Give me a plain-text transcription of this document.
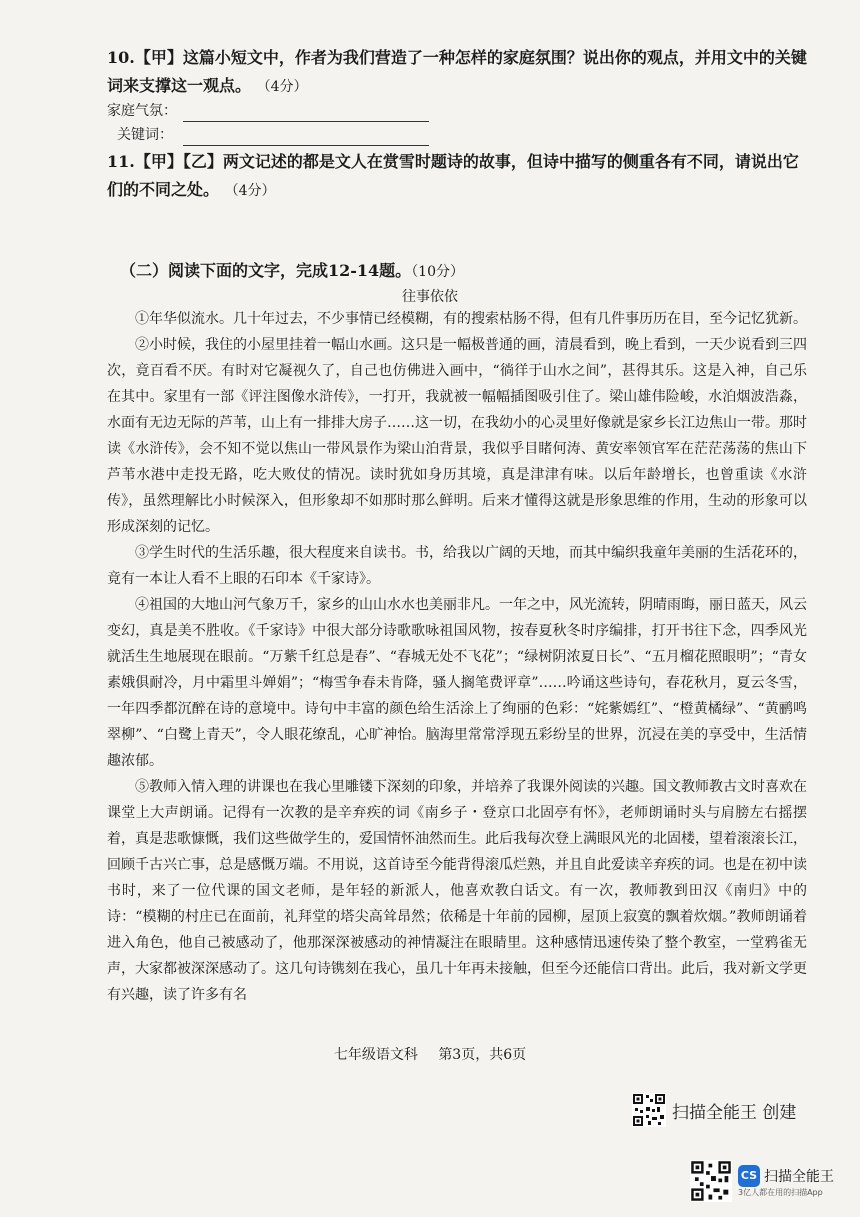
10.【甲】这篇小短文中，作者为我们营造了一种怎样的家庭氛围？说出你的观点，并用文中的关键词来支撑这一观点。 （4分）
家庭气氛：
关键词：
11.【甲】【乙】两文记述的都是文人在赏雪时题诗的故事，但诗中描写的侧重各有不同，请说出它们的不同之处。 （4分）
（二）阅读下面的文字，完成12-14题。（10分）
往事依依

①年华似流水。几十年过去，不少事情已经模糊，有的搜索枯肠不得，但有几件事历历在目，至今记忆犹新。

②小时候，我住的小屋里挂着一幅山水画。这只是一幅极普通的画，清晨看到，晚上看到，一天少说看到三四次，竟百看不厌。有时对它凝视久了，自己也仿佛进入画中，“徜徉于山水之间”，甚得其乐。这是入神，自己乐在其中。家里有一部《评注图像水浒传》，一打开，我就被一幅幅插图吸引住了。梁山雄伟险峻，水泊烟波浩淼，水面有无边无际的芦苇，山上有一排排大房子……这一切，在我幼小的心灵里好像就是家乡长江边焦山一带。那时读《水浒传》，会不知不觉以焦山一带风景作为梁山泊背景，我似乎目睹何涛、黄安率领官军在茫茫荡荡的焦山下芦苇水港中走投无路，吃大败仗的情况。读时犹如身历其境，真是津津有味。以后年龄增长，也曾重读《水浒传》，虽然理解比小时候深入，但形象却不如那时那么鲜明。后来才懂得这就是形象思维的作用，生动的形象可以形成深刻的记忆。

③学生时代的生活乐趣，很大程度来自读书。书，给我以广阔的天地，而其中编织我童年美丽的生活花环的，竟有一本让人看不上眼的石印本《千家诗》。

④祖国的大地山河气象万千，家乡的山山水水也美丽非凡。一年之中，风光流转，阴晴雨晦，丽日蓝天，风云变幻，真是美不胜收。《千家诗》中很大部分诗歌歌咏祖国风物，按春夏秋冬时序编排，打开书往下念，四季风光就活生生地展现在眼前。“万紫千红总是春”、“春城无处不飞花”；“绿树阴浓夏日长”、“五月榴花照眼明”；“青女素娥俱耐冷，月中霜里斗婵娟”；“梅雪争春未肯降，骚人搁笔费评章”……吟诵这些诗句，春花秋月，夏云冬雪，一年四季都沉醉在诗的意境中。诗句中丰富的颜色给生活涂上了绚丽的色彩：“姹紫嫣红”、“橙黄橘绿”、“黄鹂鸣翠柳”、“白鹭上青天”，令人眼花缭乱，心旷神怡。脑海里常常浮现五彩纷呈的世界，沉浸在美的享受中，生活情趣浓郁。

⑤教师入情入理的讲课也在我心里雕镂下深刻的印象，并培养了我课外阅读的兴趣。国文教师教古文时喜欢在课堂上大声朗诵。记得有一次教的是辛弃疾的词《南乡子・登京口北固亭有怀》，老师朗诵时头与肩膀左右摇摆着，真是悲歌慷慨，我们这些做学生的，爱国情怀油然而生。此后我每次登上满眼风光的北固楼，望着滚滚长江，回顾千古兴亡事，总是感慨万端。不用说，这首诗至今能背得滚瓜烂熟，并且自此爱读辛弃疾的词。也是在初中读书时，来了一位代课的国文老师，是年轻的新派人，他喜欢教白话文。有一次，教师教到田汉《南归》中的诗：“模糊的村庄已在面前，礼拜堂的塔尖高耸昂然；依稀是十年前的园柳，屋顶上寂寞的飘着炊烟。”教师朗诵着进入角色，他自己被感动了，他那深深被感动的神情凝注在眼睛里。这种感情迅速传染了整个教室，一堂鸦雀无声，大家都被深深感动了。这几句诗镌刻在我心，虽几十年再未接触，但至今还能信口背出。此后，我对新文学更有兴趣，读了许多有名

七年级语文科 第3页，共6页
扫描全能王 创建
CS 扫描全能王
3亿人都在用的扫描App
